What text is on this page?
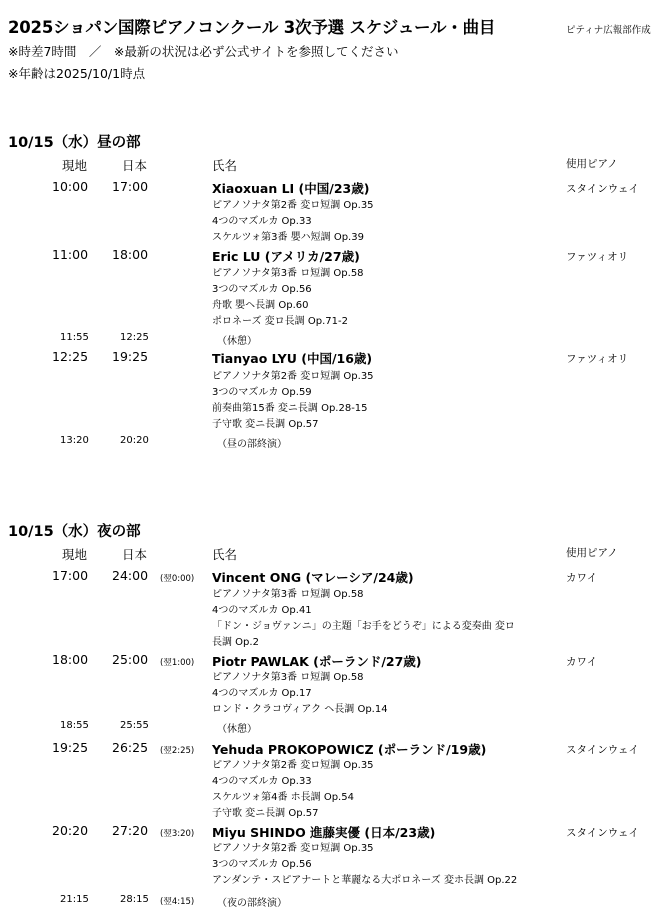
2025ショパン国際ピアノコンクール 3次予選 スケジュール・曲目	ピティナ広報部作成
※時差7時間　／　※最新の状況は必ず公式サイトを参照してください
※年齢は2025/10/1時点
10/15（水）昼の部
現地	日本	氏名	使用ピアノ
10:00 17:00	Xiaoxuan LI (中国/23歳)	スタインウェイ
ピアノソナタ第2番 変ロ短調 Op.35
4つのマズルカ Op.33
スケルツォ第3番 嬰ハ短調 Op.39
11:00 18:00	Eric LU (アメリカ/27歳)	ファツィオリ
ピアノソナタ第3番 ロ短調 Op.58
3つのマズルカ Op.56
舟歌 嬰ヘ長調 Op.60
ポロネーズ 変ロ長調 Op.71-2
11:55	12:25	（休憩）
12:25 19:25	Tianyao LYU (中国/16歳)	ファツィオリ
ピアノソナタ第2番 変ロ短調 Op.35
3つのマズルカ Op.59
前奏曲第15番 変ニ長調 Op.28-15
子守歌 変ニ長調 Op.57
13:20	20:20	（昼の部終演）
10/15（水）夜の部
現地	日本	氏名	使用ピアノ
17:00 24:00 (翌0:00) Vincent ONG (マレーシア/24歳)	カワイ
ピアノソナタ第3番 ロ短調 Op.58
4つのマズルカ Op.41
「ドン・ジョヴァンニ」の主題「お手をどうぞ」による変奏曲 変ロ
長調 Op.2
18:00 25:00 (翌1:00) Piotr PAWLAK (ポーランド/27歳)	カワイ
ピアノソナタ第3番 ロ短調 Op.58
4つのマズルカ Op.17
ロンド・クラコヴィアク ヘ長調 Op.14
18:55	25:55	（休憩）
19:25 26:25 (翌2:25) Yehuda PROKOPOWICZ (ポーランド/19歳)	スタインウェイ
ピアノソナタ第2番 変ロ短調 Op.35
4つのマズルカ Op.33
スケルツォ第4番 ホ長調 Op.54
子守歌 変ニ長調 Op.57
20:20 27:20 (翌3:20) Miyu SHINDO 進藤実優 (日本/23歳)	スタインウェイ
ピアノソナタ第2番 変ロ短調 Op.35
3つのマズルカ Op.56
アンダンテ・スピアナートと華麗なる大ポロネーズ 変ホ長調 Op.22
21:15	28:15 (翌4:15) （夜の部終演）
